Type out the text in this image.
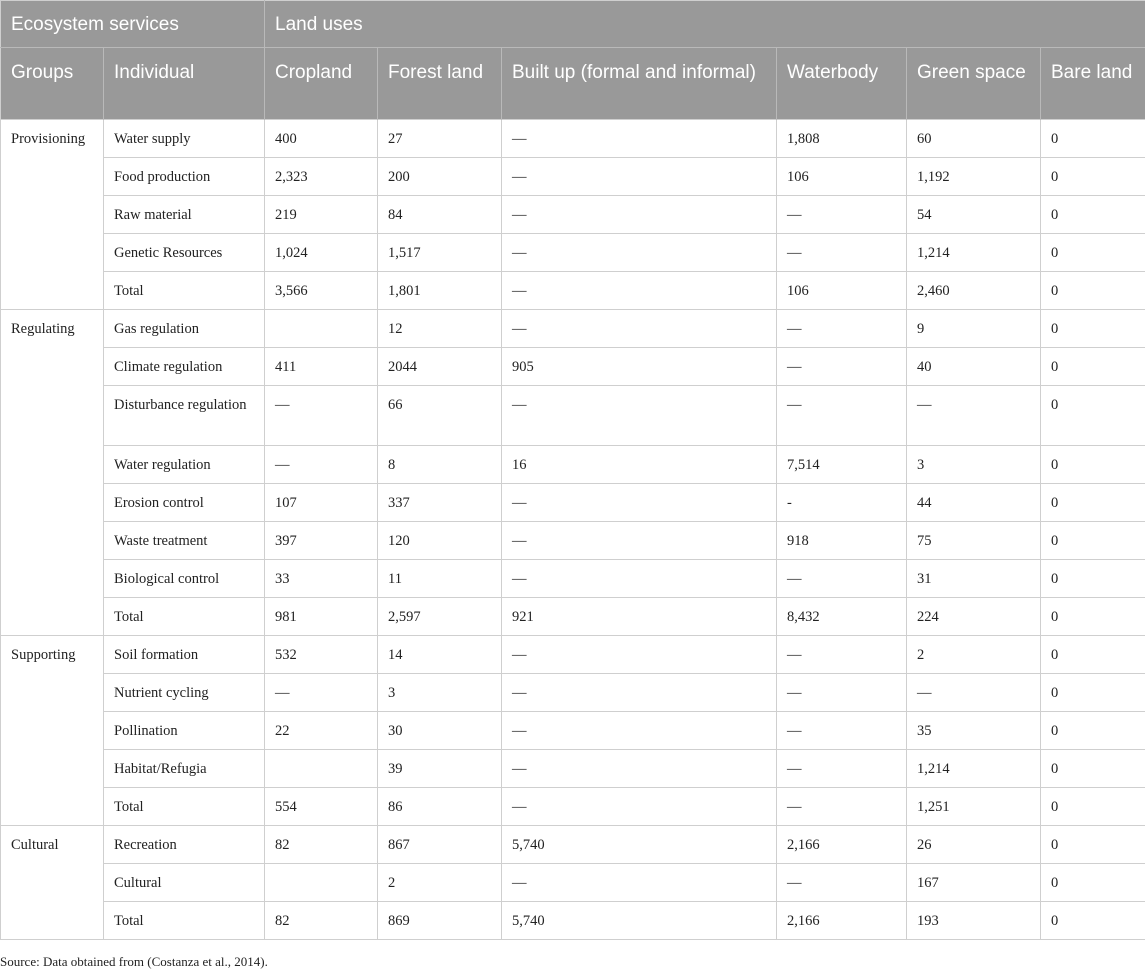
Ecosystem services		Land uses					
Groups	Individual	Cropland	Forest land	Built up (formal and informal)	Waterbody	Green space	Bare land
Provisioning	Water supply	400	27	—	1,808	60	0
	Food production	2,323	200	—	106	1,192	0
	Raw material	219	84	—	—	54	0
	Genetic Resources	1,024	1,517	—	—	1,214	0
	Total	3,566	1,801	—	106	2,460	0
Regulating	Gas regulation		12	—	—	9	0
	Climate regulation	411	2044	905	—	40	0
	Disturbance regulation	—	66	—	—	—	0
	Water regulation	—	8	16	7,514	3	0
	Erosion control	107	337	—	-	44	0
	Waste treatment	397	120	—	918	75	0
	Biological control	33	11	—	—	31	0
	Total	981	2,597	921	8,432	224	0
Supporting	Soil formation	532	14	—	—	2	0
	Nutrient cycling	—	3	—	—	—	0
	Pollination	22	30	—	—	35	0
	Habitat/Refugia		39	—	—	1,214	0
	Total	554	86	—	—	1,251	0
Cultural	Recreation	82	867	5,740	2,166	26	0
	Cultural		2	—	—	167	0
	Total	82	869	5,740	2,166	193	0
Source: Data obtained from (Costanza et al., 2014).
